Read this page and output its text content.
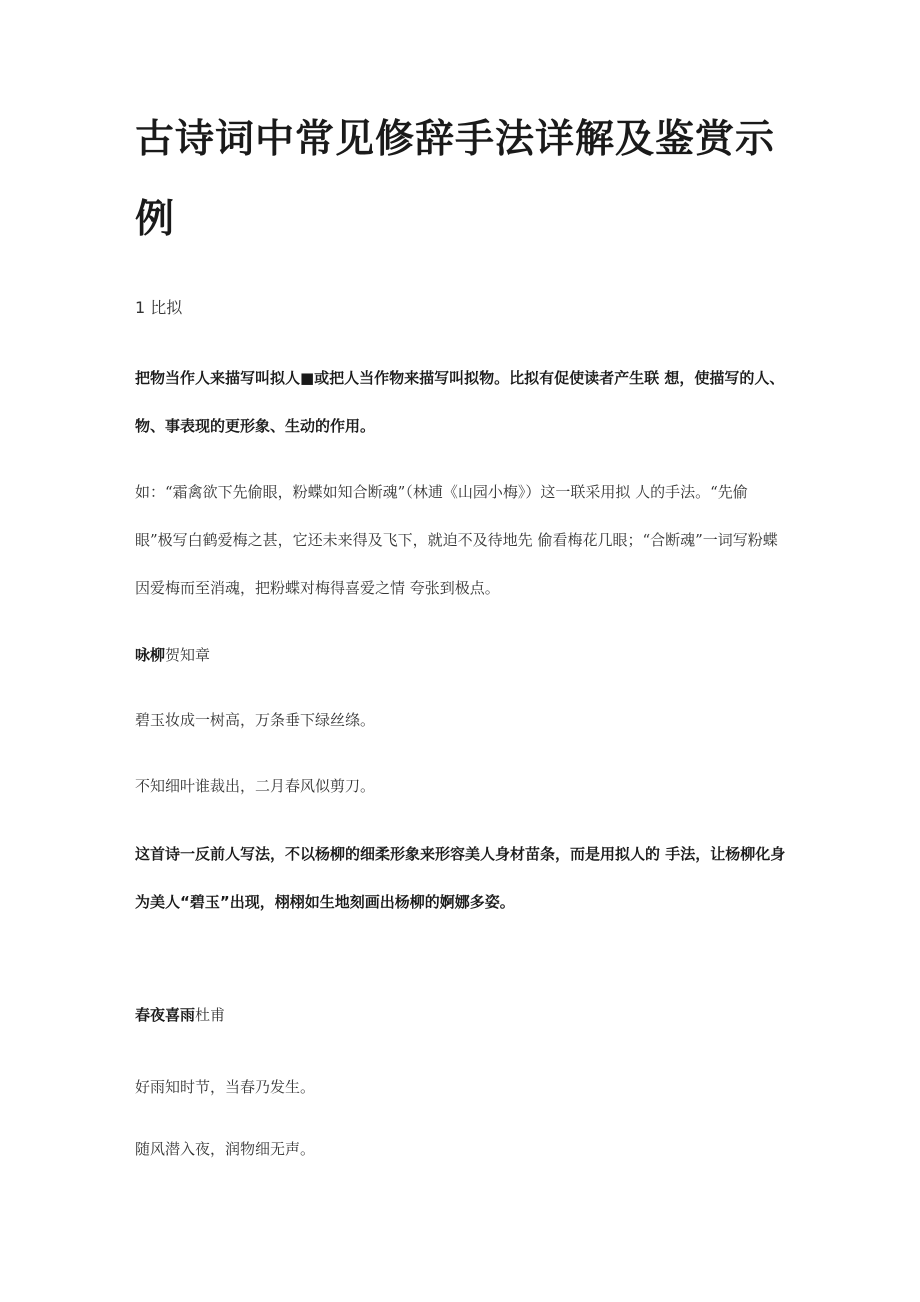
古诗词中常见修辞手法详解及鉴赏示例
1 比拟

把物当作人来描写叫拟人■或把人当作物来描写叫拟物。比拟有促使读者产生联 想，使描写的人、物、事表现的更形象、生动的作用。

如：“霜禽欲下先偷眼，粉蝶如知合断魂”（林逋《山园小梅》）这一联采用拟 人的手法。“先偷眼”极写白鹤爱梅之甚，它还未来得及飞下，就迫不及待地先 偷看梅花几眼；“合断魂”一词写粉蝶因爱梅而至消魂，把粉蝶对梅得喜爱之情 夸张到极点。

咏柳贺知章
碧玉妆成一树高，万条垂下绿丝绦。
不知细叶谁裁出，二月春风似剪刀。

这首诗一反前人写法，不以杨柳的细柔形象来形容美人身材苗条，而是用拟人的 手法，让杨柳化身为美人“碧玉”出现，栩栩如生地刻画出杨柳的婀娜多姿。

春夜喜雨杜甫
好雨知时节，当春乃发生。
随风潜入夜，润物细无声。
